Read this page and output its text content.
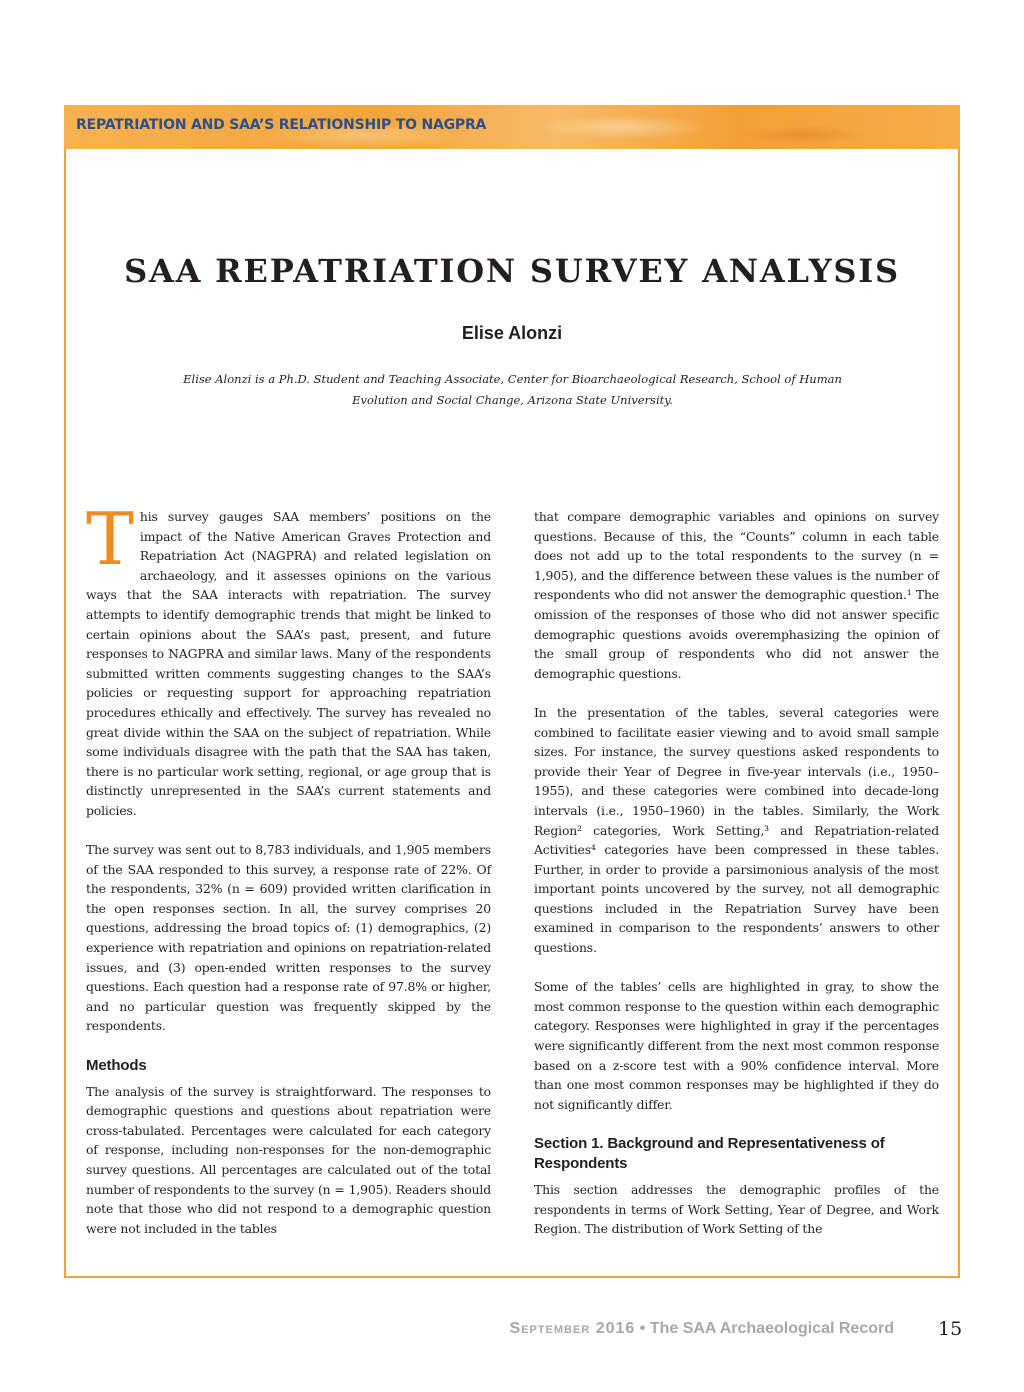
REPATRIATION AND SAA’S RELATIONSHIP TO NAGPRA
SAA REPATRIATION SURVEY ANALYSIS

Elise Alonzi

Elise Alonzi is a Ph.D. Student and Teaching Associate, Center for Bioarchaeological Research, School of Human Evolution and Social Change, Arizona State University.

This survey gauges SAA members’ positions on the impact of the Native American Graves Protection and Repatriation Act (NAGPRA) and related legislation on archaeology, and it assesses opinions on the various ways that the SAA interacts with repatriation. The survey attempts to identify demographic trends that might be linked to certain opinions about the SAA’s past, present, and future responses to NAGPRA and similar laws. Many of the respondents submitted written comments suggesting changes to the SAA’s policies or requesting support for approaching repatriation procedures ethically and effectively. The survey has revealed no great divide within the SAA on the subject of repatriation. While some individuals disagree with the path that the SAA has taken, there is no particular work setting, regional, or age group that is distinctly unrepresented in the SAA’s current statements and policies.

The survey was sent out to 8,783 individuals, and 1,905 members of the SAA responded to this survey, a response rate of 22%. Of the respondents, 32% (n = 609) provided written clarification in the open responses section. In all, the survey comprises 20 questions, addressing the broad topics of: (1) demographics, (2) experience with repatriation and opinions on repatriation-related issues, and (3) open-ended written responses to the survey questions. Each question had a response rate of 97.8% or higher, and no particular question was frequently skipped by the respondents.

Methods

The analysis of the survey is straightforward. The responses to demographic questions and questions about repatriation were cross-tabulated. Percentages were calculated for each category of response, including non-responses for the non-demographic survey questions. All percentages are calculated out of the total number of respondents to the survey (n = 1,905). Readers should note that those who did not respond to a demographic question were not included in the tables

that compare demographic variables and opinions on survey questions. Because of this, the “Counts” column in each table does not add up to the total respondents to the survey (n = 1,905), and the difference between these values is the number of respondents who did not answer the demographic question.¹ The omission of the responses of those who did not answer specific demographic questions avoids overemphasizing the opinion of the small group of respondents who did not answer the demographic questions.

In the presentation of the tables, several categories were combined to facilitate easier viewing and to avoid small sample sizes. For instance, the survey questions asked respondents to provide their Year of Degree in five-year intervals (i.e., 1950–1955), and these categories were combined into decade-long intervals (i.e., 1950–1960) in the tables. Similarly, the Work Region² categories, Work Setting,³ and Repatriation-related Activities⁴ categories have been compressed in these tables. Further, in order to provide a parsimonious analysis of the most important points uncovered by the survey, not all demographic questions included in the Repatriation Survey have been examined in comparison to the respondents’ answers to other questions.

Some of the tables’ cells are highlighted in gray, to show the most common response to the question within each demographic category. Responses were highlighted in gray if the percentages were significantly different from the next most common response based on a z-score test with a 90% confidence interval. More than one most common responses may be highlighted if they do not significantly differ.

Section 1. Background and Representativeness of Respondents

This section addresses the demographic profiles of the respondents in terms of Work Setting, Year of Degree, and Work Region. The distribution of Work Setting of the

September 2016 • The SAA Archaeological Record 15
